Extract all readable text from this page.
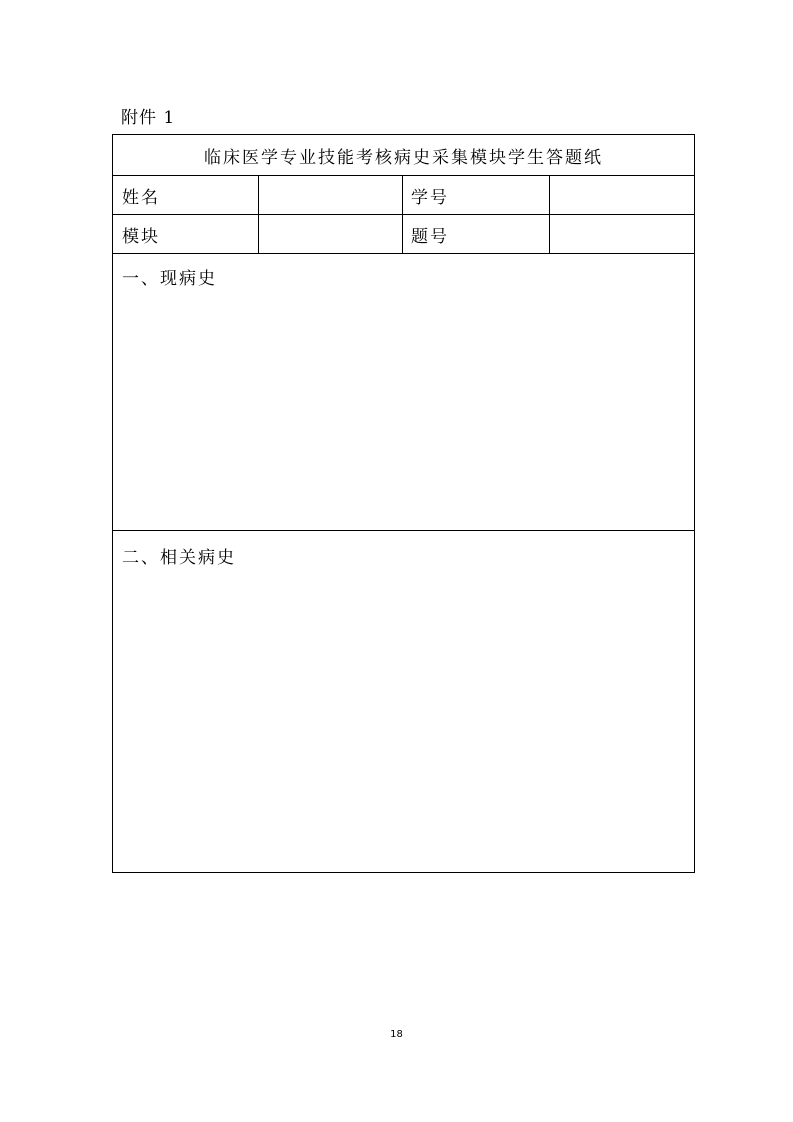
附件 1
临床医学专业技能考核病史采集模块学生答题纸
姓名	学号
模块	题号
一、现病史
二、相关病史
18
